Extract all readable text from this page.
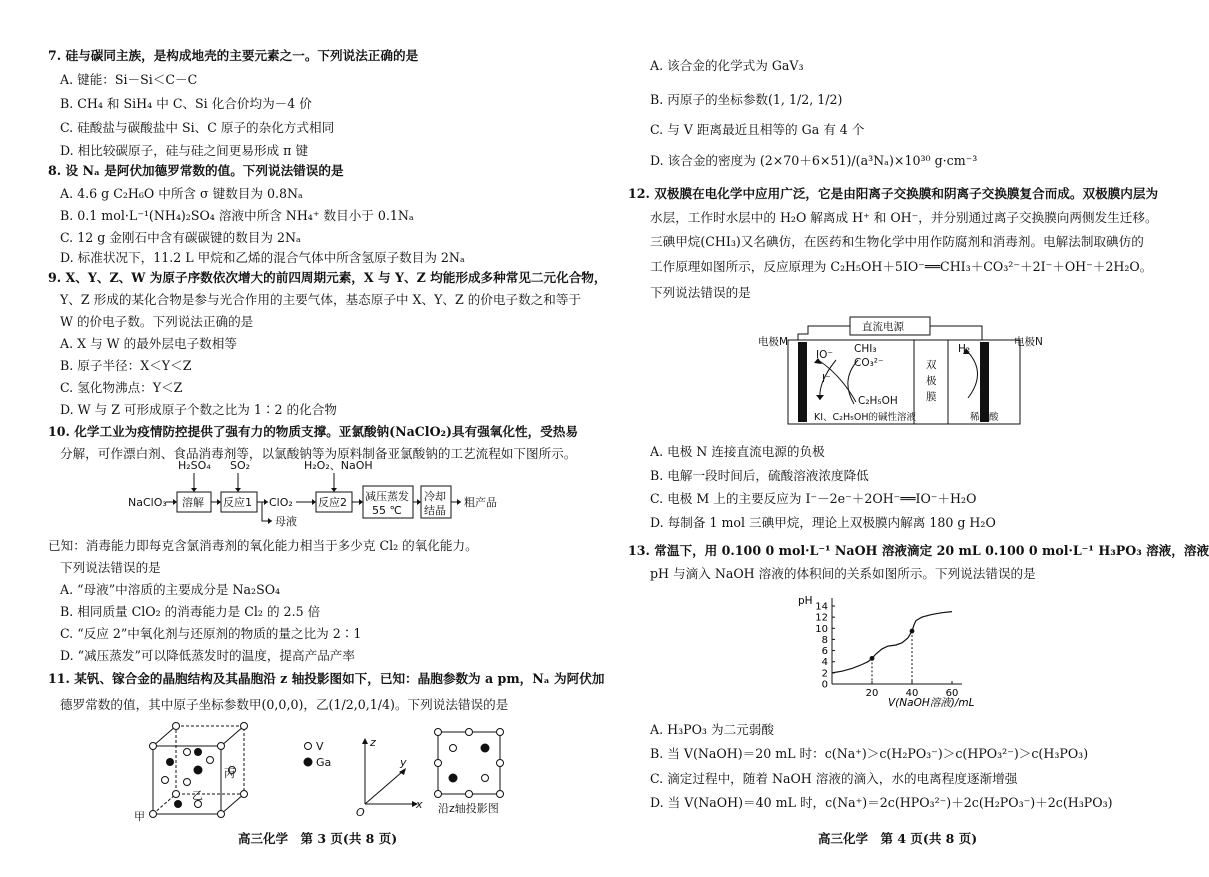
7. 硅与碳同主族，是构成地壳的主要元素之一。下列说法正确的是
A. 键能：Si－Si＜C－C
B. CH₄ 和 SiH₄ 中 C、Si 化合价均为－4 价
C. 硅酸盐与碳酸盐中 Si、C 原子的杂化方式相同
D. 相比较碳原子，硅与硅之间更易形成 π 键
8. 设 Nₐ 是阿伏加德罗常数的值。下列说法错误的是
A. 4.6 g C₂H₆O 中所含 σ 键数目为 0.8Nₐ
B. 0.1 mol·L⁻¹(NH₄)₂SO₄ 溶液中所含 NH₄⁺ 数目小于 0.1Nₐ
C. 12 g 金刚石中含有碳碳键的数目为 2Nₐ
D. 标准状况下，11.2 L 甲烷和乙烯的混合气体中所含氢原子数目为 2Nₐ
9. X、Y、Z、W 为原子序数依次增大的前四周期元素，X 与 Y、Z 均能形成多种常见二元化合物，
Y、Z 形成的某化合物是参与光合作用的主要气体，基态原子中 X、Y、Z 的价电子数之和等于
W 的价电子数。下列说法正确的是
A. X 与 W 的最外层电子数相等
B. 原子半径：X＜Y＜Z
C. 氢化物沸点：Y＜Z
D. W 与 Z 可形成原子个数之比为 1∶2 的化合物
10. 化学工业为疫情防控提供了强有力的物质支撑。亚氯酸钠(NaClO₂)具有强氧化性，受热易
分解，可作漂白剂、食品消毒剂等，以氯酸钠等为原料制备亚氯酸钠的工艺流程如下图所示。
H₂SO₄ SO₂	H₂O₂、NaOH
NaClO₃ 溶解 反应1 ClO₂ 反应2 减压蒸发
55 ℃
冷却
结晶
粗产品
母液
已知：消毒能力即每克含氯消毒剂的氧化能力相当于多少克 Cl₂ 的氧化能力。
下列说法错误的是
A. “母液”中溶质的主要成分是 Na₂SO₄
B. 相同质量 ClO₂ 的消毒能力是 Cl₂ 的 2.5 倍
C. “反应 2”中氧化剂与还原剂的物质的量之比为 2∶1
D. “减压蒸发”可以降低蒸发时的温度，提高产品产率
11. 某钒、镓合金的晶胞结构及其晶胞沿 z 轴投影图如下，已知：晶胞参数为 a pm，Nₐ 为阿伏加
德罗常数的值，其中原子坐标参数甲(0,0,0)，乙(1/2,0,1/4)。下列说法错误的是
V
Ga
甲
乙
丙
z
y
x
O	沿z轴投影图
高三化学　第 3 页(共 8 页)
A. 该合金的化学式为 GaV₃
B. 丙原子的坐标参数(1, 1/2, 1/2)
C. 与 V 距离最近且相等的 Ga 有 4 个
D. 该合金的密度为 (2×70＋6×51)/(a³Nₐ)×10³⁰ g·cm⁻³
12. 双极膜在电化学中应用广泛，它是由阳离子交换膜和阴离子交换膜复合而成。双极膜内层为
水层，工作时水层中的 H₂O 解离成 H⁺ 和 OH⁻，并分别通过离子交换膜向两侧发生迁移。
三碘甲烷(CHI₃)又名碘仿，在医药和生物化学中用作防腐剂和消毒剂。电解法制取碘仿的
工作原理如图所示，反应原理为 C₂H₅OH＋5IO⁻══CHI₃＋CO₃²⁻＋2I⁻＋OH⁻＋2H₂O。
下列说法错误的是
直流电源
电极M	电极N
IO⁻
I⁻
CHI₃
CO₃²⁻
C₂H₅OH
双
极
膜
H₂
KI、C₂H₅OH的碱性溶液	稀硫酸
A. 电极 N 连接直流电源的负极
B. 电解一段时间后，硫酸溶液浓度降低
C. 电极 M 上的主要反应为 I⁻－2e⁻＋2OH⁻══IO⁻＋H₂O
D. 每制备 1 mol 三碘甲烷，理论上双极膜内解离 180 g H₂O
13. 常温下，用 0.100 0 mol·L⁻¹ NaOH 溶液滴定 20 mL 0.100 0 mol·L⁻¹ H₃PO₃ 溶液，溶液
pH 与滴入 NaOH 溶液的体积间的关系如图所示。下列说法错误的是
0
2
4
6
8
10
12
14
20	40	60
pH
V(NaOH溶液)/mL
A. H₃PO₃ 为二元弱酸
B. 当 V(NaOH)＝20 mL 时：c(Na⁺)＞c(H₂PO₃⁻)＞c(HPO₃²⁻)＞c(H₃PO₃)
C. 滴定过程中，随着 NaOH 溶液的滴入，水的电离程度逐渐增强
D. 当 V(NaOH)＝40 mL 时，c(Na⁺)＝2c(HPO₃²⁻)＋2c(H₂PO₃⁻)＋2c(H₃PO₃)
高三化学　第 4 页(共 8 页)
